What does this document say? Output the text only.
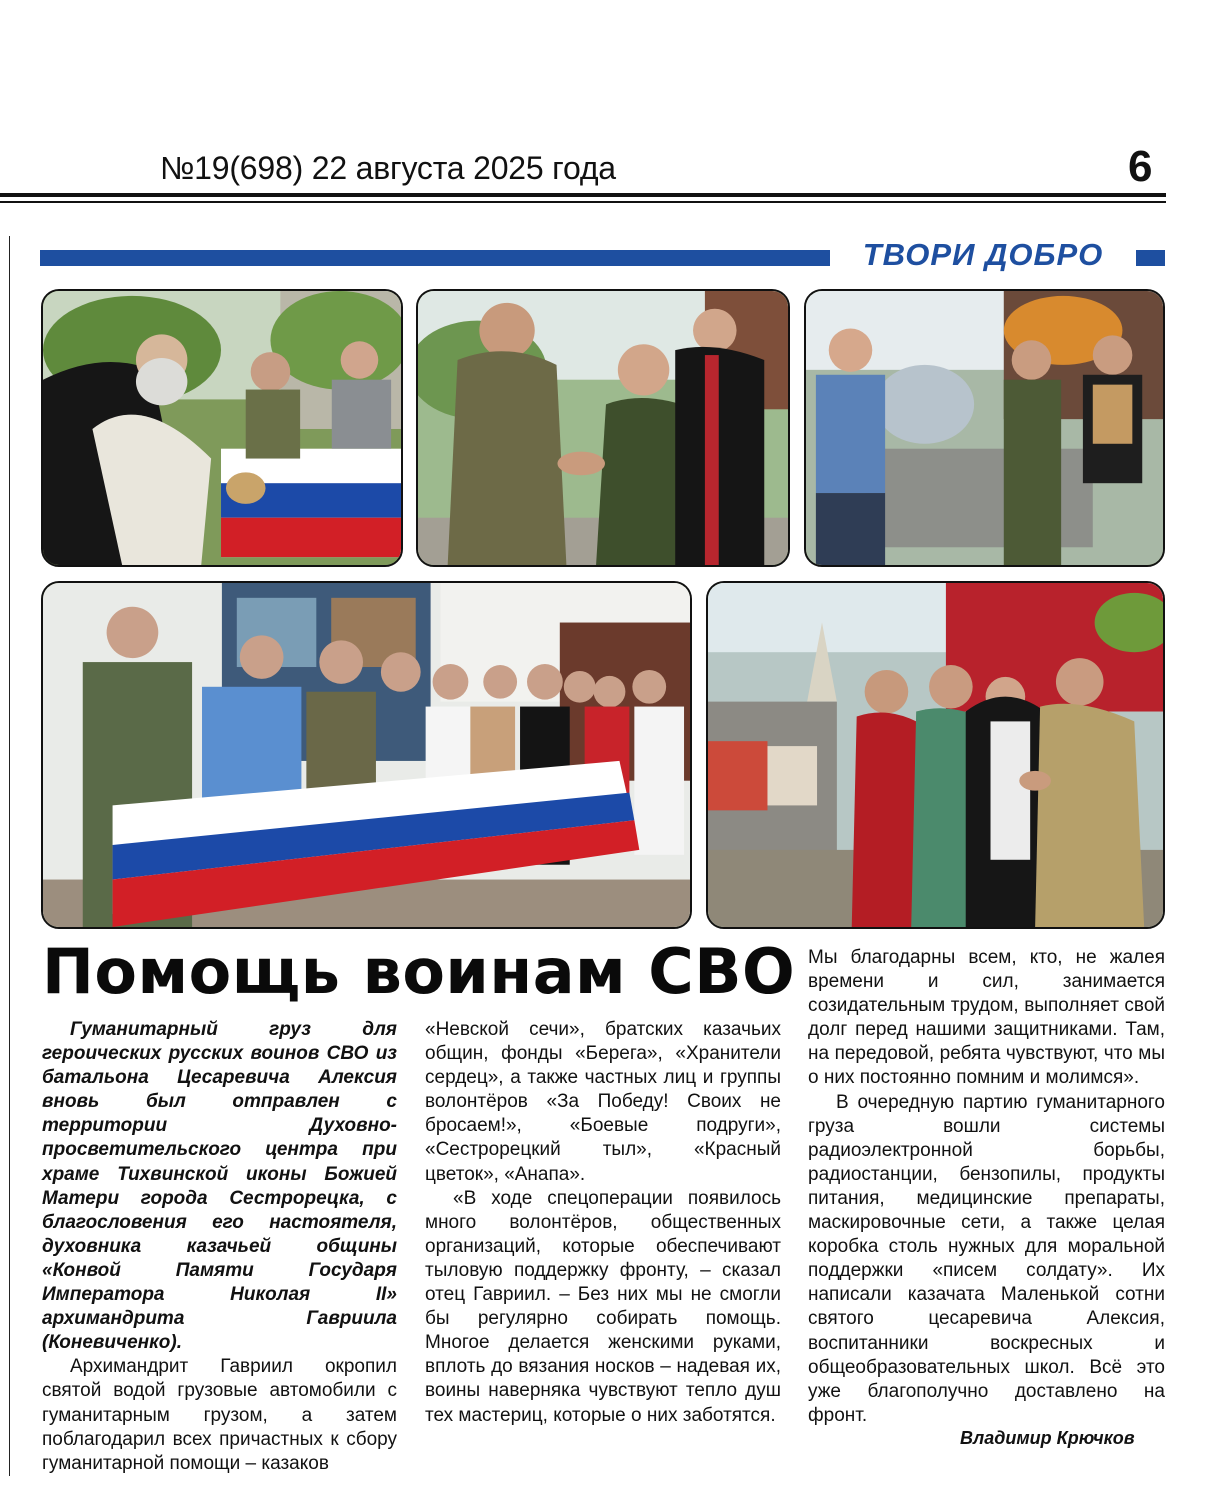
№19(698) 22 августа 2025 года	6
ТВОРИ ДОБРО
Помощь воинам СВО

Гуманитарный груз для героических русских воинов СВО из батальона Цесаревича Алексия вновь был отправлен с территории Духовно-просветительского центра при храме Тихвинской иконы Божией Матери города Сестрорецка, с благословения его настоятеля, духовника казачьей общины «Конвой Памяти Государя Императора Николая II» архимандрита Гавриила (Коневиченко).

Архимандрит Гавриил окропил святой водой грузовые автомобили с гуманитарным грузом, а затем поблагодарил всех причастных к сбору гуманитарной помощи – казаков

«Невской сечи», братских казачьих общин, фонды «Берега», «Хранители сердец», а также частных лиц и группы волонтёров «За Победу! Своих не бросаем!», «Боевые подруги», «Сестрорецкий тыл», «Красный цветок», «Анапа».

«В ходе спецоперации появилось много волонтёров, общественных организаций, которые обеспечивают тыловую поддержку фронту, – сказал отец Гавриил. – Без них мы не смогли бы регулярно собирать помощь. Многое делается женскими руками, вплоть до вязания носков – надевая их, воины наверняка чувствуют тепло душ тех мастериц, которые о них заботятся.

Мы благодарны всем, кто, не жалея времени и сил, занимается созидательным трудом, выполняет свой долг перед нашими защитниками. Там, на передовой, ребята чувствуют, что мы о них постоянно помним и молимся».

В очередную партию гуманитарного груза вошли системы радиоэлектронной борьбы, радиостанции, бензопилы, продукты питания, медицинские препараты, маскировочные сети, а также целая коробка столь нужных для моральной поддержки «писем солдату». Их написали казачата Маленькой сотни святого цесаревича Алексия, воспитанники воскресных и общеобразовательных школ. Всё это уже благополучно доставлено на фронт.

Владимир Крючков
